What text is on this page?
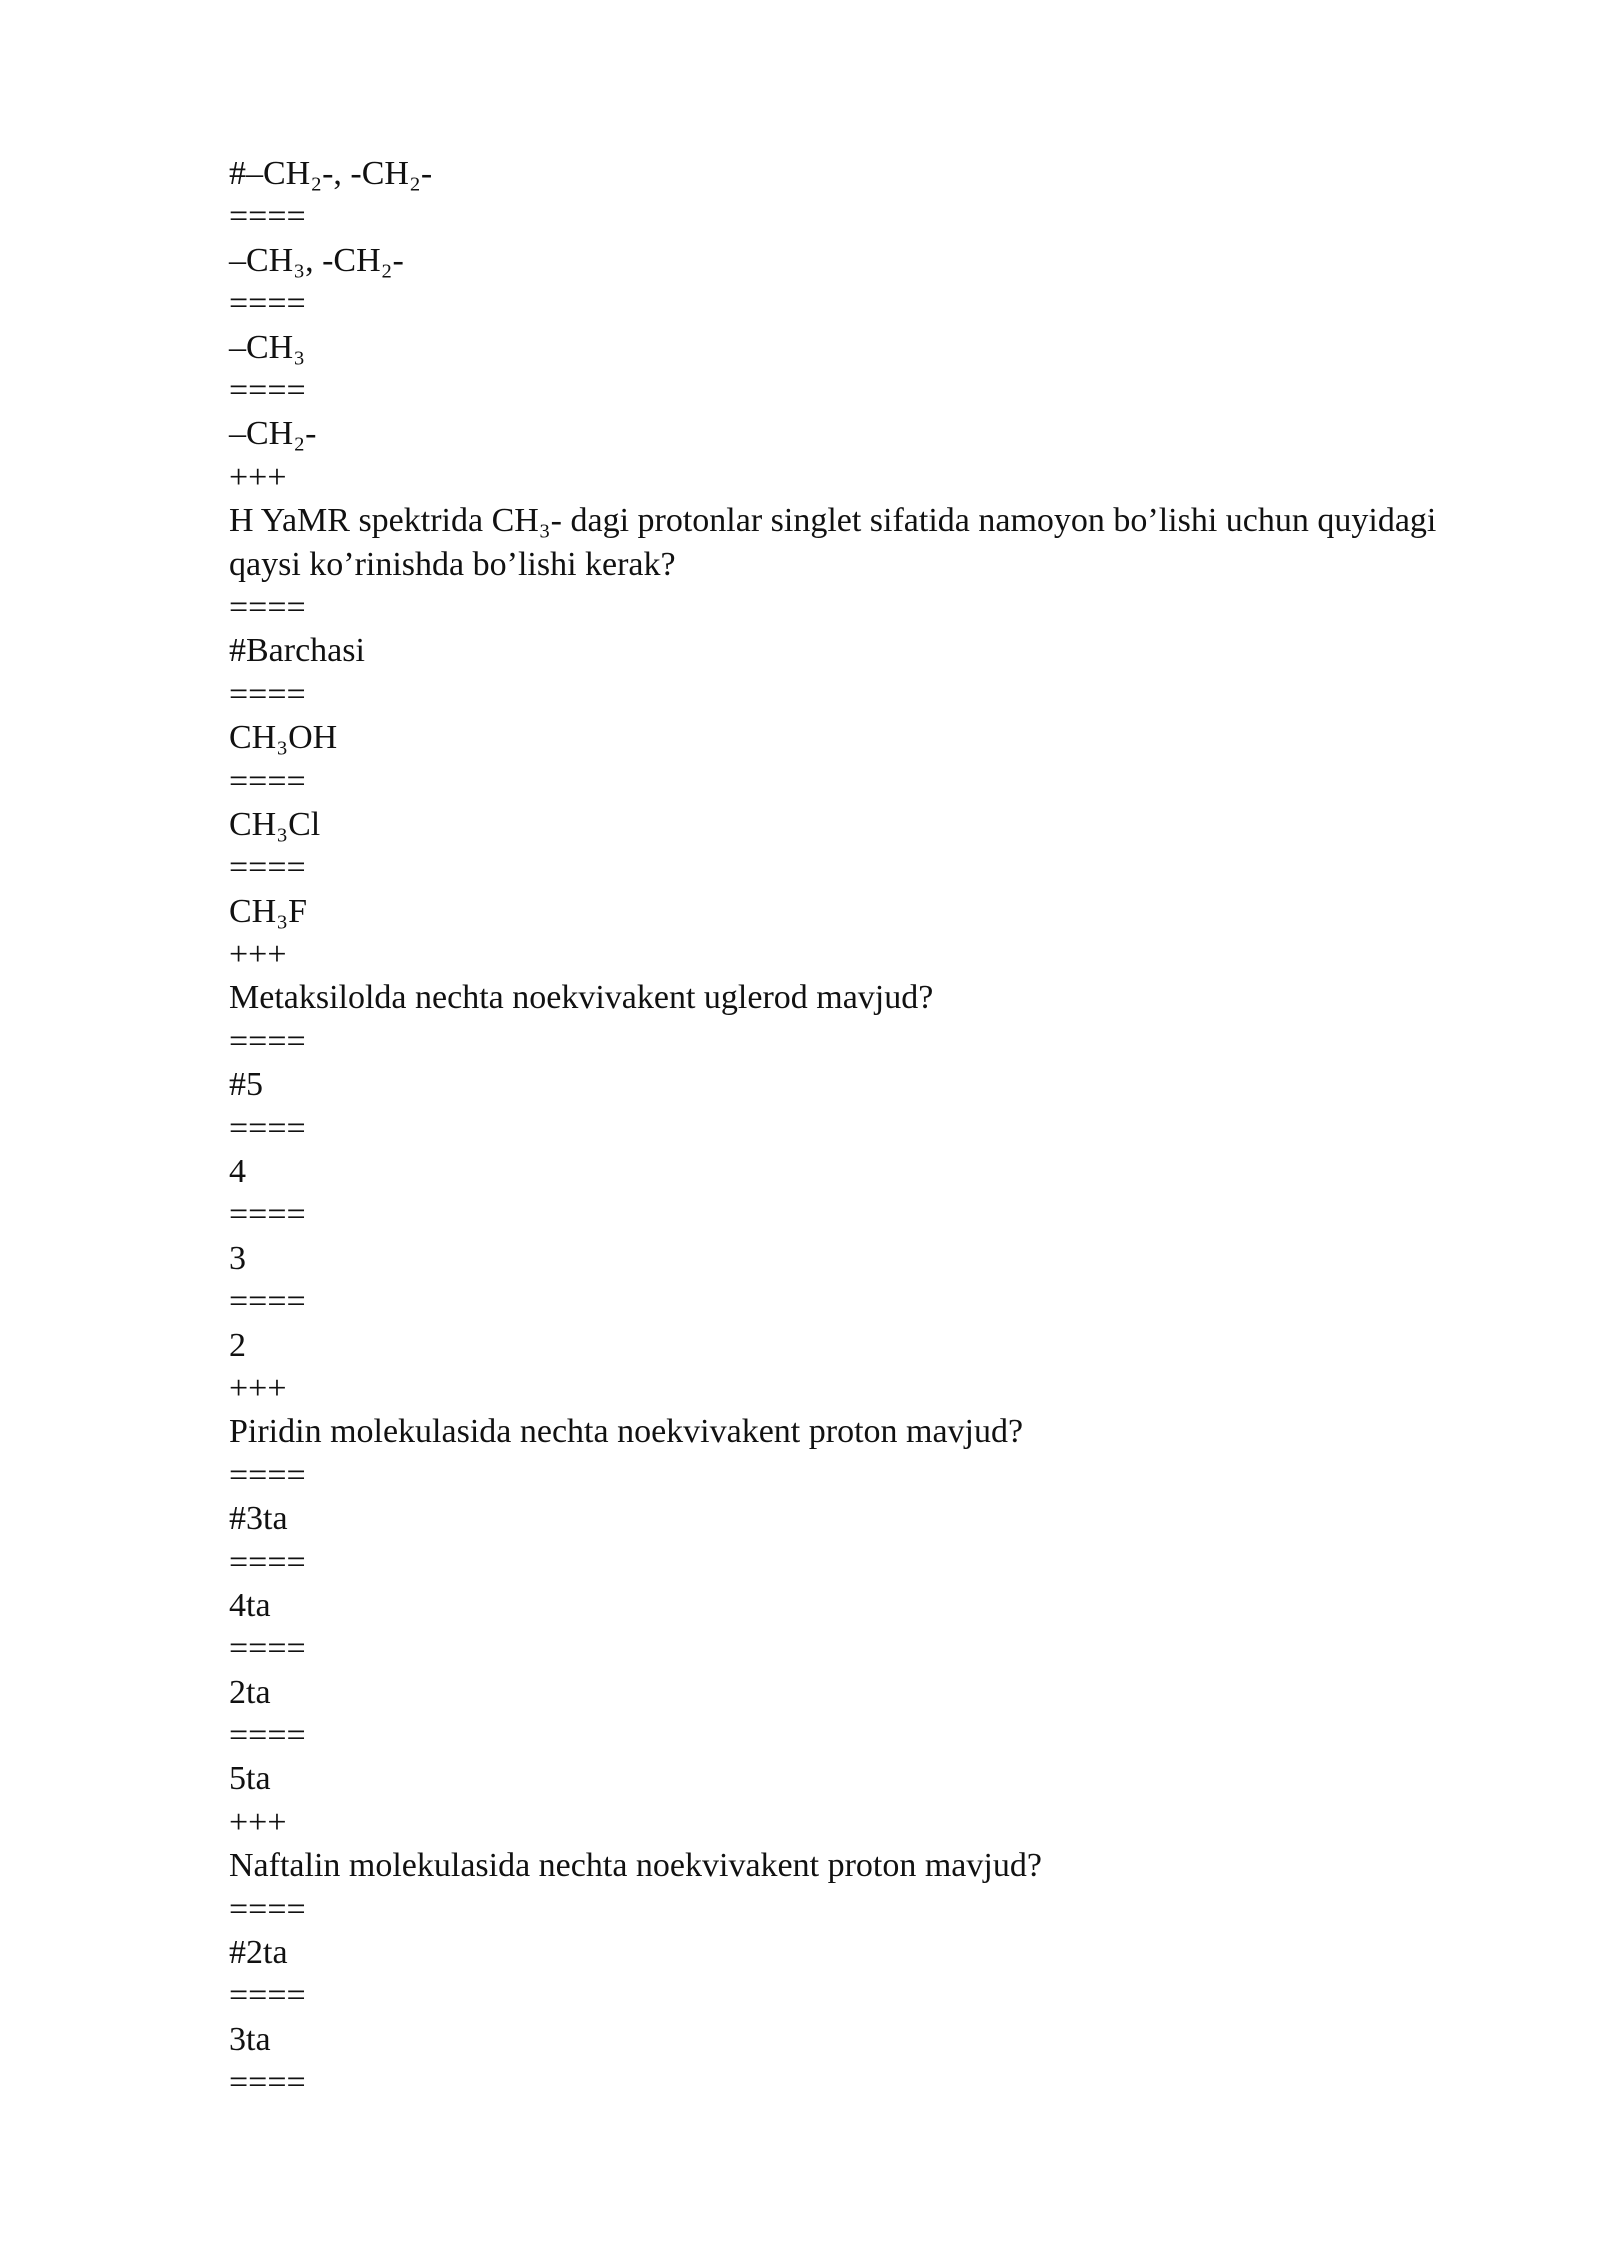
#–CH₂-, -CH₂-
====
–CH₃, -CH₂-
====
–CH₃
====
–CH₂-
+++
H YaMR spektrida CH₃- dagi protonlar singlet sifatida namoyon bo’lishi uchun quyidagi qaysi ko’rinishda bo’lishi kerak?
====
#Barchasi
====
CH₃OH
====
CH₃Cl
====
CH₃F
+++
Metaksilolda nechta noekvivakent uglerod mavjud?
====
#5
====
4
====
3
====
2
+++
Piridin molekulasida nechta noekvivakent proton mavjud?
====
#3ta
====
4ta
====
2ta
====
5ta
+++
Naftalin molekulasida nechta noekvivakent proton mavjud?
====
#2ta
====
3ta
====
